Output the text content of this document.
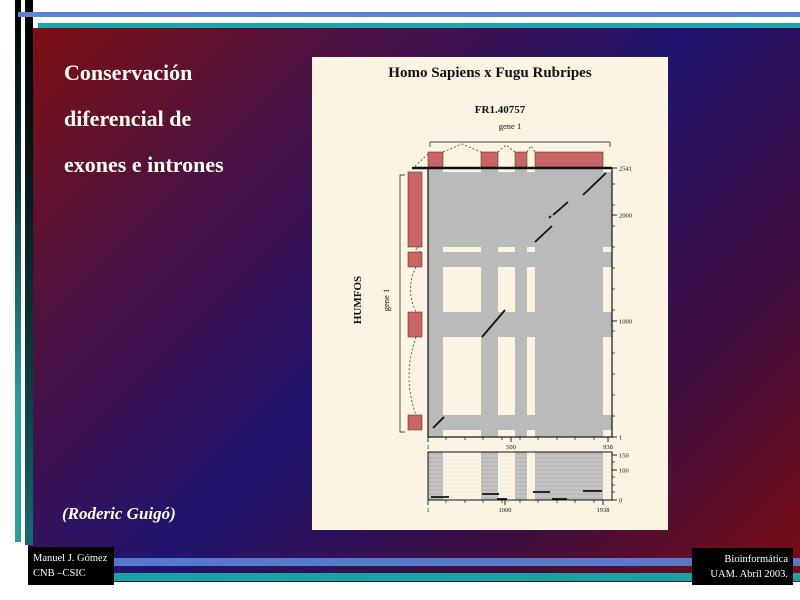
Conservación
diferencial de
exones e intrones
(Roderic Guigó)
Homo Sapiens x Fugu Rubripes
FR1.40757
gene 1
HUMFOS gene 1
2541
2000
1000
1
1	500	938
150
100
0
1	1000	1938
Manuel J. Gómez
CNB –CSIC
Bioinformática
UAM. Abril 2003.
